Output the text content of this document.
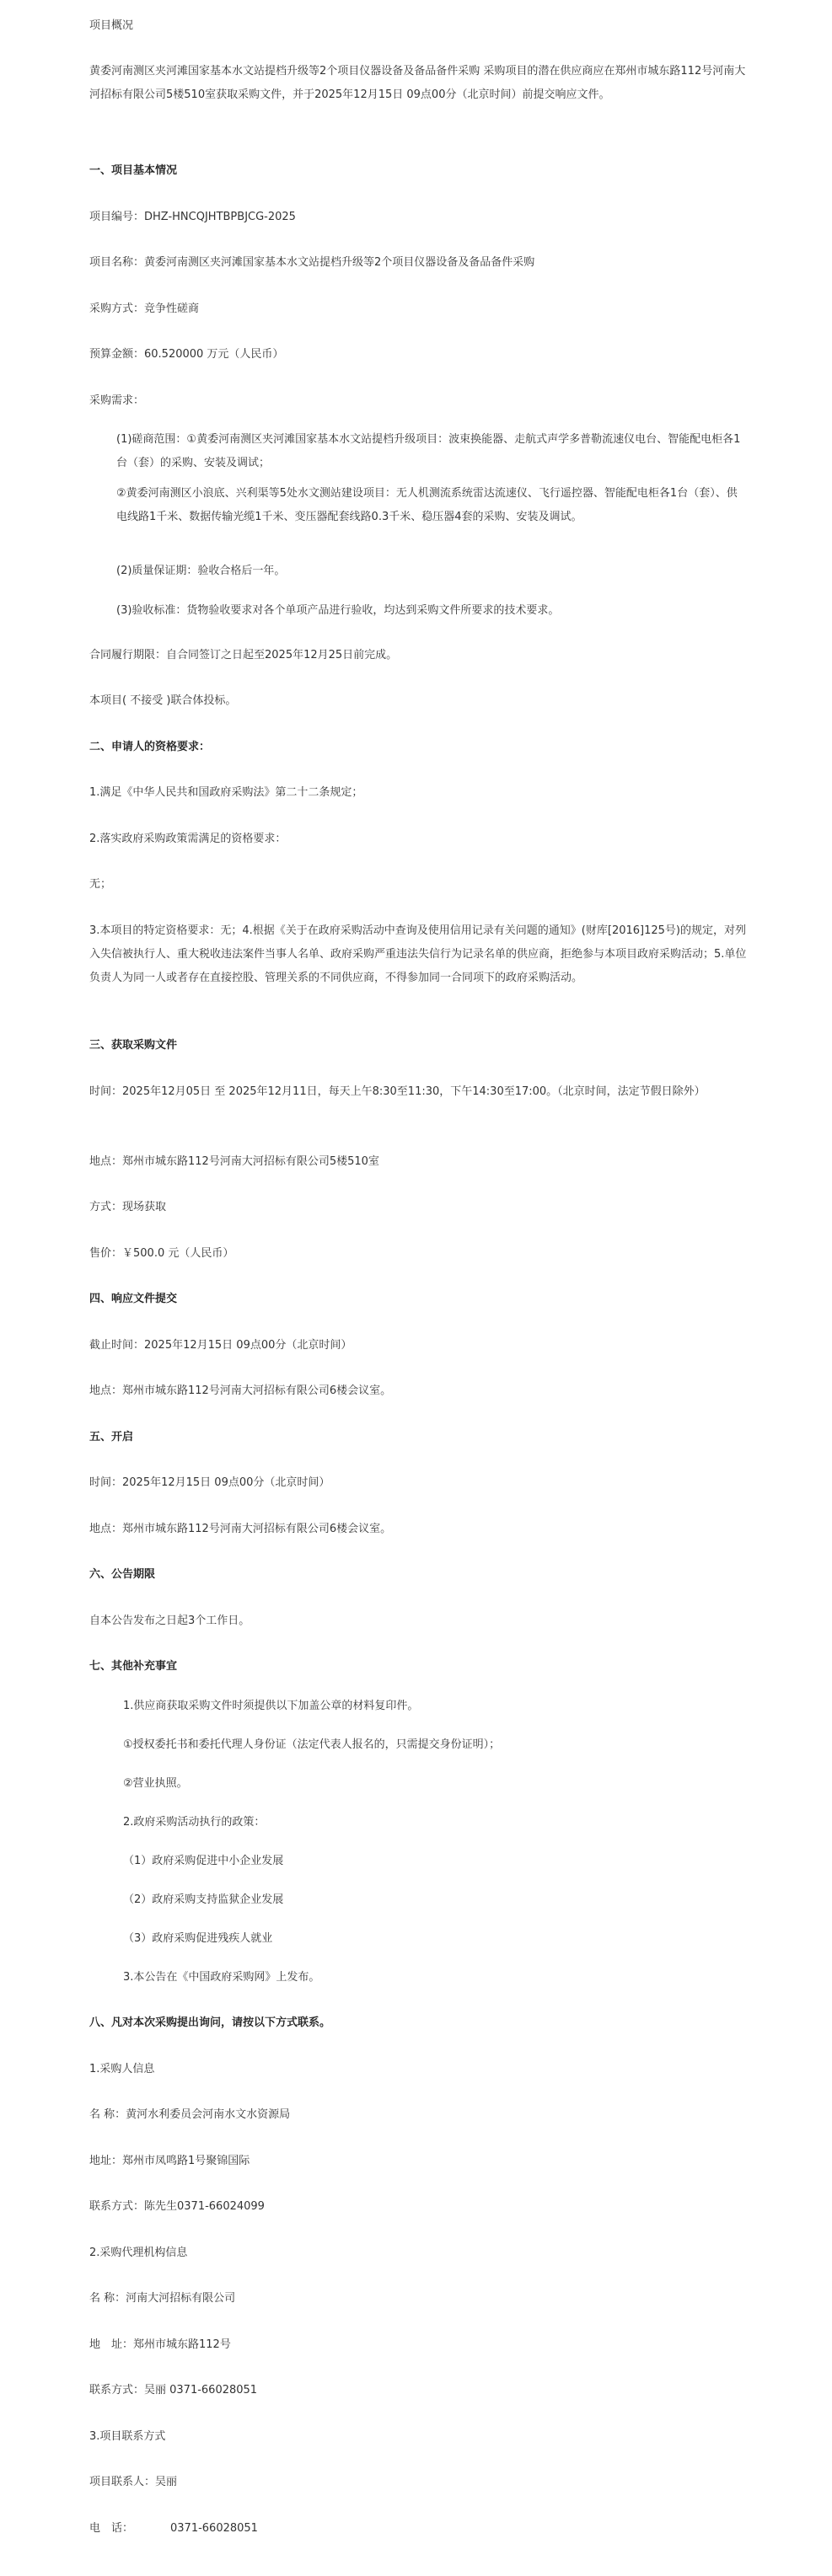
项目概况

黄委河南测区夹河滩国家基本水文站提档升级等2个项目仪器设备及备品备件采购 采购项目的潜在供应商应在郑州市城东路112号河南大河招标有限公司5楼510室获取采购文件，并于2025年12月15日 09点00分（北京时间）前提交响应文件。

一、项目基本情况

项目编号：DHZ-HNCQJHTBPBJCG-2025

项目名称：黄委河南测区夹河滩国家基本水文站提档升级等2个项目仪器设备及备品备件采购

采购方式：竞争性磋商

预算金额：60.520000 万元（人民币）

采购需求：

(1)磋商范围：①黄委河南测区夹河滩国家基本水文站提档升级项目：波束换能器、走航式声学多普勒流速仪电台、智能配电柜各1台（套）的采购、安装及调试；

②黄委河南测区小浪底、兴利渠等5处水文测站建设项目：无人机测流系统雷达流速仪、飞行遥控器、智能配电柜各1台（套）、供电线路1千米、数据传输光缆1千米、变压器配套线路0.3千米、稳压器4套的采购、安装及调试。

(2)质量保证期：验收合格后一年。

(3)验收标准：货物验收要求对各个单项产品进行验收，均达到采购文件所要求的技术要求。

合同履行期限：自合同签订之日起至2025年12月25日前完成。

本项目( 不接受 )联合体投标。

二、申请人的资格要求：

1.满足《中华人民共和国政府采购法》第二十二条规定；

2.落实政府采购政策需满足的资格要求：

无；

3.本项目的特定资格要求：无；4.根据《关于在政府采购活动中查询及使用信用记录有关问题的通知》(财库[2016]125号)的规定，对列入失信被执行人、重大税收违法案件当事人名单、政府采购严重违法失信行为记录名单的供应商，拒绝参与本项目政府采购活动；5.单位负责人为同一人或者存在直接控股、管理关系的不同供应商，不得参加同一合同项下的政府采购活动。

三、获取采购文件

时间：2025年12月05日 至 2025年12月11日，每天上午8:30至11:30，下午14:30至17:00。（北京时间，法定节假日除外）

地点：郑州市城东路112号河南大河招标有限公司5楼510室

方式：现场获取

售价：￥500.0 元（人民币）

四、响应文件提交

截止时间：2025年12月15日 09点00分（北京时间）

地点：郑州市城东路112号河南大河招标有限公司6楼会议室。

五、开启

时间：2025年12月15日 09点00分（北京时间）

地点：郑州市城东路112号河南大河招标有限公司6楼会议室。

六、公告期限

自本公告发布之日起3个工作日。

七、其他补充事宜

1.供应商获取采购文件时须提供以下加盖公章的材料复印件。

①授权委托书和委托代理人身份证（法定代表人报名的，只需提交身份证明）；

②营业执照。

2.政府采购活动执行的政策：

（1）政府采购促进中小企业发展

（2）政府采购支持监狱企业发展

（3）政府采购促进残疾人就业

3.本公告在《中国政府采购网》上发布。

八、凡对本次采购提出询问，请按以下方式联系。

1.采购人信息

名 称：黄河水利委员会河南水文水资源局

地址：郑州市凤鸣路1号聚锦国际

联系方式：陈先生0371-66024099

2.采购代理机构信息

名 称：河南大河招标有限公司

地　址：郑州市城东路112号

联系方式：吴丽 0371-66028051

3.项目联系方式

项目联系人：吴丽

电　话：	0371-66028051
